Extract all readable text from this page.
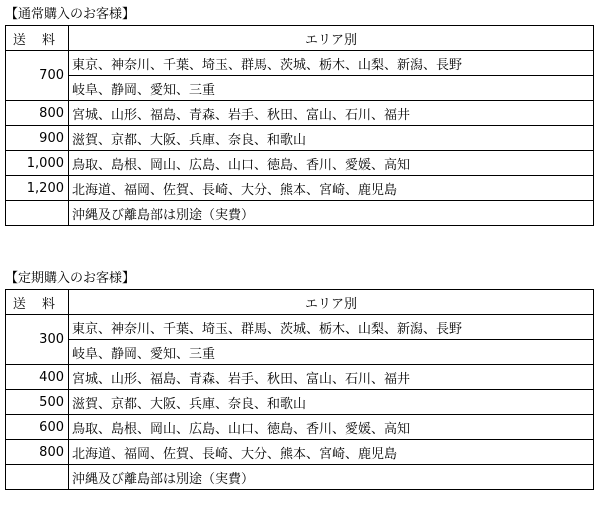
【通常購入のお客様】
送 料	エリア別
700	東京、神奈川、千葉、埼玉、群馬、茨城、栃木、山梨、新潟、長野
	岐阜、静岡、愛知、三重
800	宮城、山形、福島、青森、岩手、秋田、富山、石川、福井
900	滋賀、京都、大阪、兵庫、奈良、和歌山
1,000	鳥取、島根、岡山、広島、山口、徳島、香川、愛媛、高知
1,200	北海道、福岡、佐賀、長崎、大分、熊本、宮崎、鹿児島
	沖縄及び離島部は別途（実費）
【定期購入のお客様】
送 料	エリア別
300	東京、神奈川、千葉、埼玉、群馬、茨城、栃木、山梨、新潟、長野
	岐阜、静岡、愛知、三重
400	宮城、山形、福島、青森、岩手、秋田、富山、石川、福井
500	滋賀、京都、大阪、兵庫、奈良、和歌山
600	鳥取、島根、岡山、広島、山口、徳島、香川、愛媛、高知
800	北海道、福岡、佐賀、長崎、大分、熊本、宮崎、鹿児島
	沖縄及び離島部は別途（実費）
